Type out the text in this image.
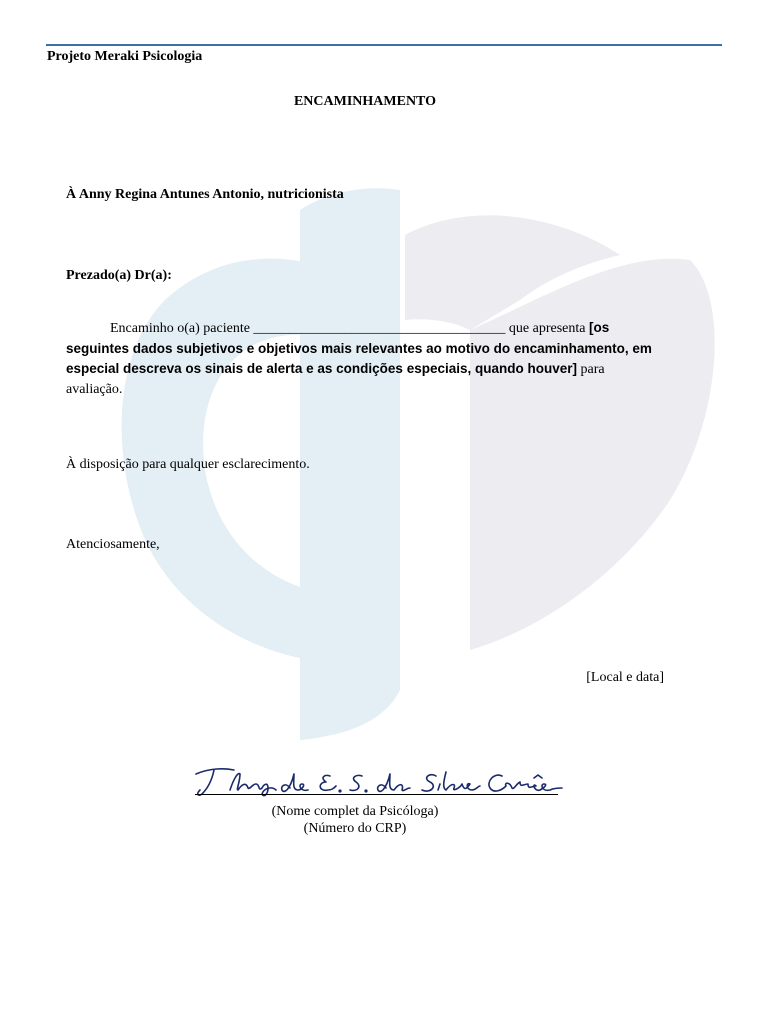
Projeto Meraki Psicologia

ENCAMINHAMENTO

À Anny Regina Antunes Antonio, nutricionista

Prezado(a) Dr(a):

Encaminho o(a) paciente ____________________________________ que apresenta [os seguintes dados subjetivos e objetivos mais relevantes ao motivo do encaminhamento, em especial descreva os sinais de alerta e as condições especiais, quando houver] para avaliação.

À disposição para qualquer esclarecimento.

Atenciosamente,

[Local e data]

(Nome complet da Psicóloga)

(Número do CRP)
